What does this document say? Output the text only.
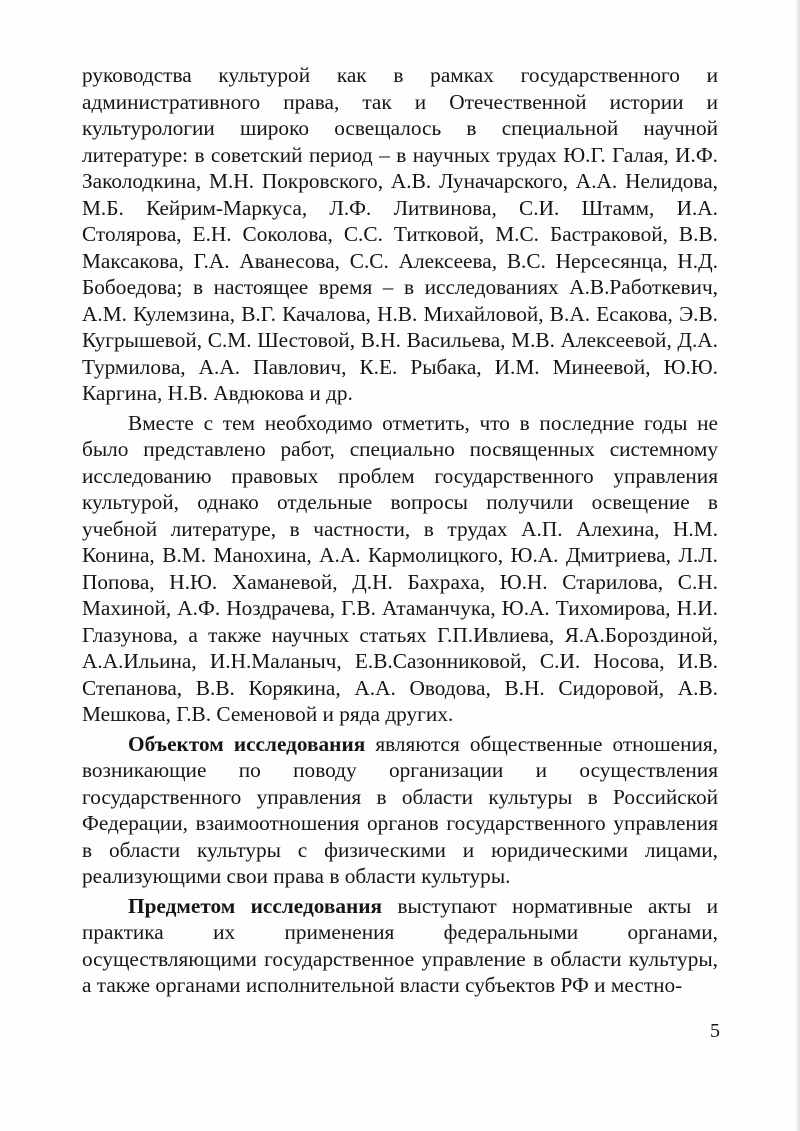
руководства культурой как в рамках государственного и административного права, так и Отечественной истории и культурологии широко освещалось в специальной научной литературе: в советский период – в научных трудах Ю.Г. Галая, И.Ф. Заколодкина, М.Н. Покровского, А.В. Луначарского, А.А. Нелидова, М.Б. Кейрим-Маркуса, Л.Ф. Литвинова, С.И. Штамм, И.А. Столярова, Е.Н. Соколова, С.С. Титковой, М.С. Бастраковой, В.В. Максакова, Г.А. Аванесова, С.С. Алексеева, В.С. Нерсесянца, Н.Д. Бобоедова; в настоящее время – в исследованиях А.В.Работкевич, А.М. Кулемзина, В.Г. Качалова, Н.В. Михайловой, В.А. Есакова, Э.В. Кугрышевой, С.М. Шестовой, В.Н. Васильева, М.В. Алексеевой, Д.А. Турмилова, А.А. Павлович, К.Е. Рыбака, И.М. Минеевой, Ю.Ю. Каргина, Н.В. Авдюкова и др.

Вместе с тем необходимо отметить, что в последние годы не было представлено работ, специально посвященных системному исследованию правовых проблем государственного управления культурой, однако отдельные вопросы получили освещение в учебной литературе, в частности, в трудах А.П. Алехина, Н.М. Конина, В.М. Манохина, А.А. Кармолицкого, Ю.А. Дмитриева, Л.Л. Попова, Н.Ю. Хаманевой, Д.Н. Бахраха, Ю.Н. Старилова, С.Н. Махиной, А.Ф. Ноздрачева, Г.В. Атаманчука, Ю.А. Тихомирова, Н.И. Глазунова, а также научных статьях Г.П.Ивлиева, Я.А.Бороздиной, А.А.Ильина, И.Н.Маланыч, Е.В.Сазонниковой, С.И. Носова, И.В. Степанова, В.В. Корякина, А.А. Оводова, В.Н. Сидоровой, А.В. Мешкова, Г.В. Семеновой и ряда других.

Объектом исследования являются общественные отношения, возникающие по поводу организации и осуществления государственного управления в области культуры в Российской Федерации, взаимоотношения органов государственного управления в области культуры с физическими и юридическими лицами, реализующими свои права в области культуры.

Предметом исследования выступают нормативные акты и практика их применения федеральными органами, осуществляющими государственное управление в области культуры, а также органами исполнительной власти субъектов РФ и местно-

5
